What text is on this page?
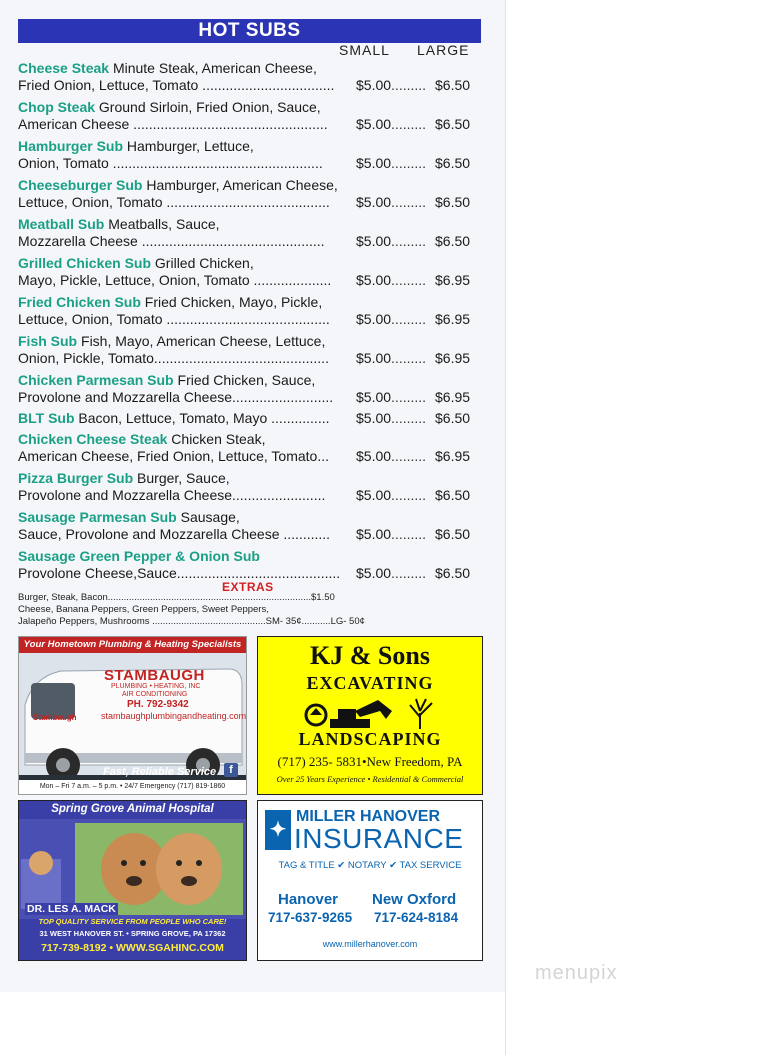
HOT SUBS
SMALL LARGE
Cheese Steak Minute Steak, American Cheese,
Fried Onion, Lettuce, Tomato ..................................	$5.00......... $6.50
Chop Steak Ground Sirloin, Fried Onion, Sauce,
American Cheese ..................................................	$5.00......... $6.50
Hamburger Sub Hamburger, Lettuce,
Onion, Tomato ......................................................	$5.00......... $6.50
Cheeseburger Sub Hamburger, American Cheese,
Lettuce, Onion, Tomato ..........................................	$5.00......... $6.50
Meatball Sub Meatballs, Sauce,
Mozzarella Cheese ...............................................	$5.00......... $6.50
Grilled Chicken Sub Grilled Chicken,
Mayo, Pickle, Lettuce, Onion, Tomato ....................	$5.00......... $6.95
Fried Chicken Sub Fried Chicken, Mayo, Pickle,
Lettuce, Onion, Tomato ..........................................	$5.00......... $6.95
Fish Sub Fish, Mayo, American Cheese, Lettuce,
Onion, Pickle, Tomato.............................................	$5.00......... $6.95
Chicken Parmesan Sub Fried Chicken, Sauce,
Provolone and Mozzarella Cheese..........................	$5.00......... $6.95
BLT Sub Bacon, Lettuce, Tomato, Mayo ............... $5.00......... $6.50
Chicken Cheese Steak Chicken Steak,
American Cheese, Fried Onion, Lettuce, Tomato...	$5.00......... $6.95
Pizza Burger Sub Burger, Sauce,
Provolone and Mozzarella Cheese........................	$5.00......... $6.50
Sausage Parmesan Sub Sausage,
Sauce, Provolone and Mozzarella Cheese ............	$5.00......... $6.50
Sausage Green Pepper & Onion Sub
Provolone Cheese,Sauce..........................................	$5.00......... $6.50
EXTRAS
Burger, Steak, Bacon.............................................................................$1.50
Cheese, Banana Peppers, Green Peppers, Sweet Peppers,
Jalapeño Peppers, Mushrooms ...........................................SM- 35¢...........LG- 50¢
Your Hometown Plumbing & Heating Specialists
STAMBAUGH
PLUMBING • HEATING, INC
AIR CONDITIONING
PH. 792-9342
stambaughplumbingandheating.com
Stambaugh
Fast, Reliable Service	f
Mon – Fri 7 a.m. – 5 p.m. • 24/7 Emergency (717) 819-1860
KJ & Sons
EXCAVATING
LANDSCAPING
(717) 235- 5831•New Freedom, PA
Over 25 Years Experience • Residential & Commercial
Spring Grove Animal Hospital
DR. LES A. MACK
TOP QUALITY SERVICE FROM PEOPLE WHO CARE!
31 WEST HANOVER ST. • SPRING GROVE, PA 17362
717-739-8192 • WWW.SGAHINC.COM
✦
MILLER HANOVER
INSURANCE
TAG & TITLE ✔ NOTARY ✔ TAX SERVICE
Hanover
717-637-9265
New Oxford
717-624-8184
www.millerhanover.com
menupix
